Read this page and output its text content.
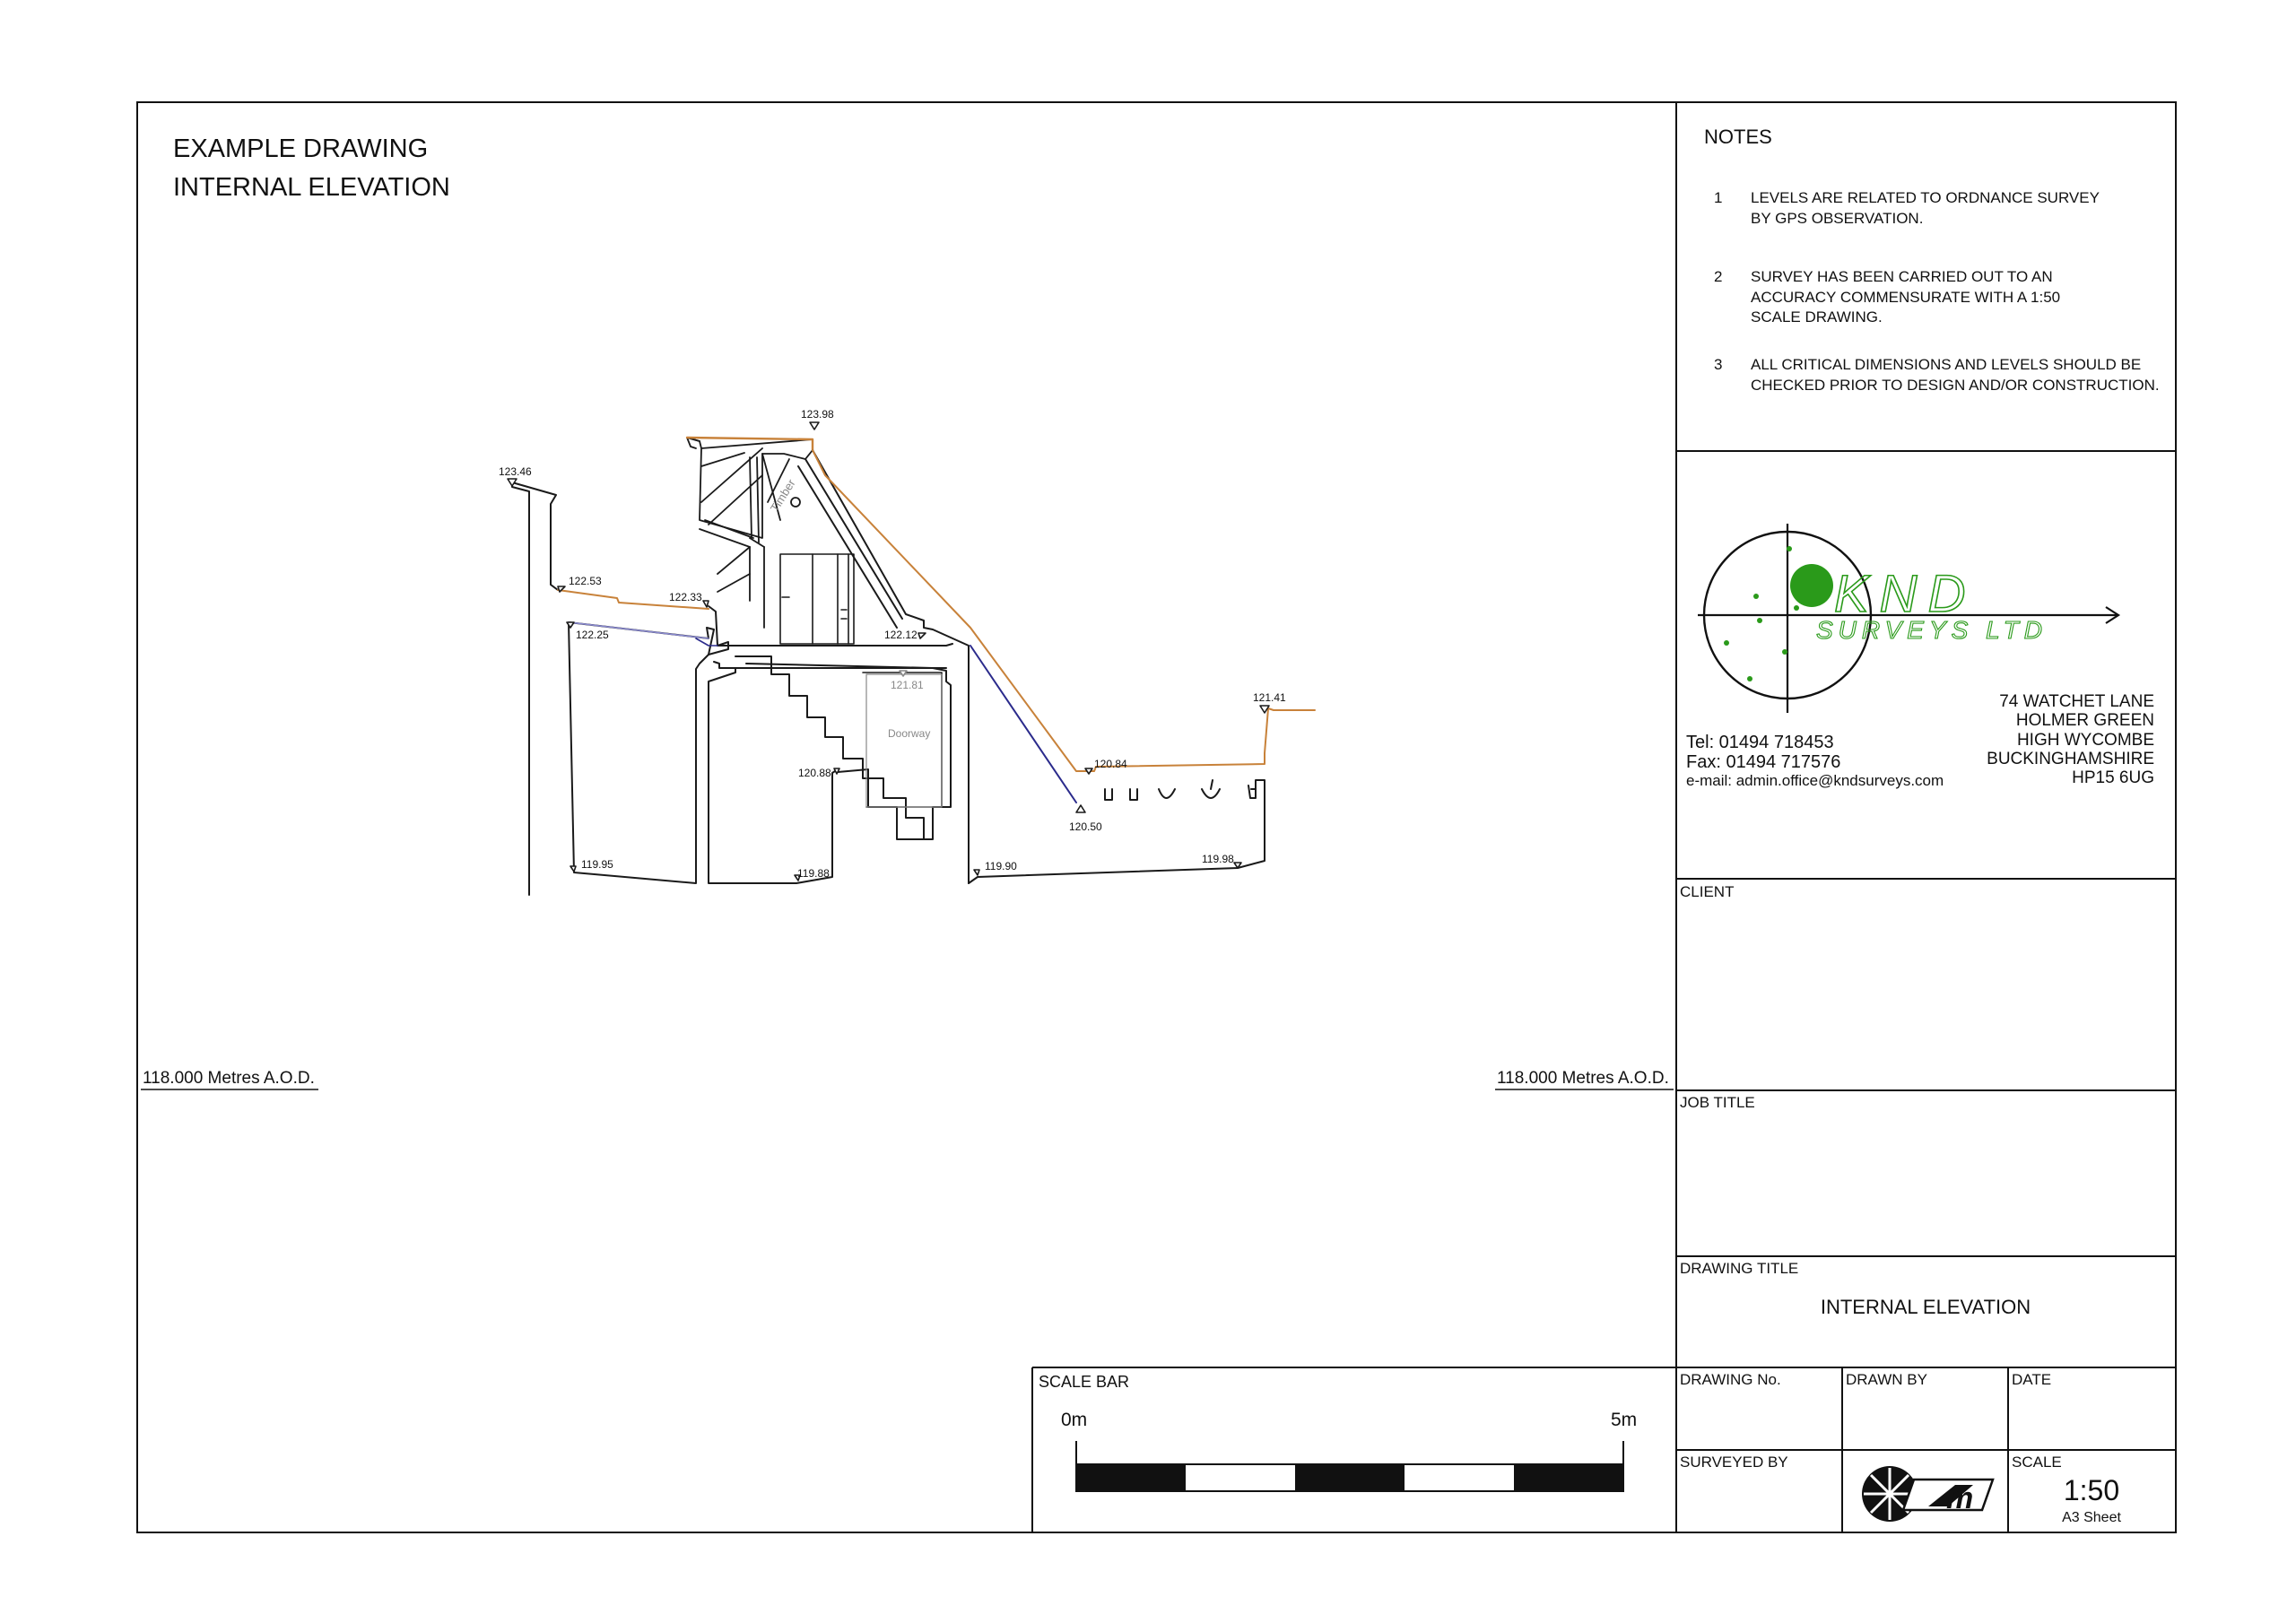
EXAMPLE DRAWING
INTERNAL ELEVATION
118.000 Metres A.O.D.	118.000 Metres A.O.D.
123.98
123.46
122.53
122.33
122.25	122.12
121.81
121.41
120.88
120.84
120.50
119.95
119.88
119.90
119.98
Timber
Doorway
NOTES
1 LEVELS ARE RELATED TO ORDNANCE SURVEY
BY GPS OBSERVATION.
2 SURVEY HAS BEEN CARRIED OUT TO AN
ACCURACY COMMENSURATE WITH A 1:50
SCALE DRAWING.
3 ALL CRITICAL DIMENSIONS AND LEVELS SHOULD BE
CHECKED PRIOR TO DESIGN AND/OR CONSTRUCTION.
KND
SURVEYS LTD
Tel: 01494 718453
Fax: 01494 717576
e-mail: admin.office@kndsurveys.com
74 WATCHET LANE
HOLMER GREEN
HIGH WYCOMBE
BUCKINGHAMSHIRE
HP15 6UG
CLIENT
JOB TITLE
DRAWING TITLE
INTERNAL ELEVATION
DRAWING No.	DRAWN BY	DATE
SURVEYED BY	SCALE
1:50
A3 Sheet
m
SCALE BAR
0m	5m
